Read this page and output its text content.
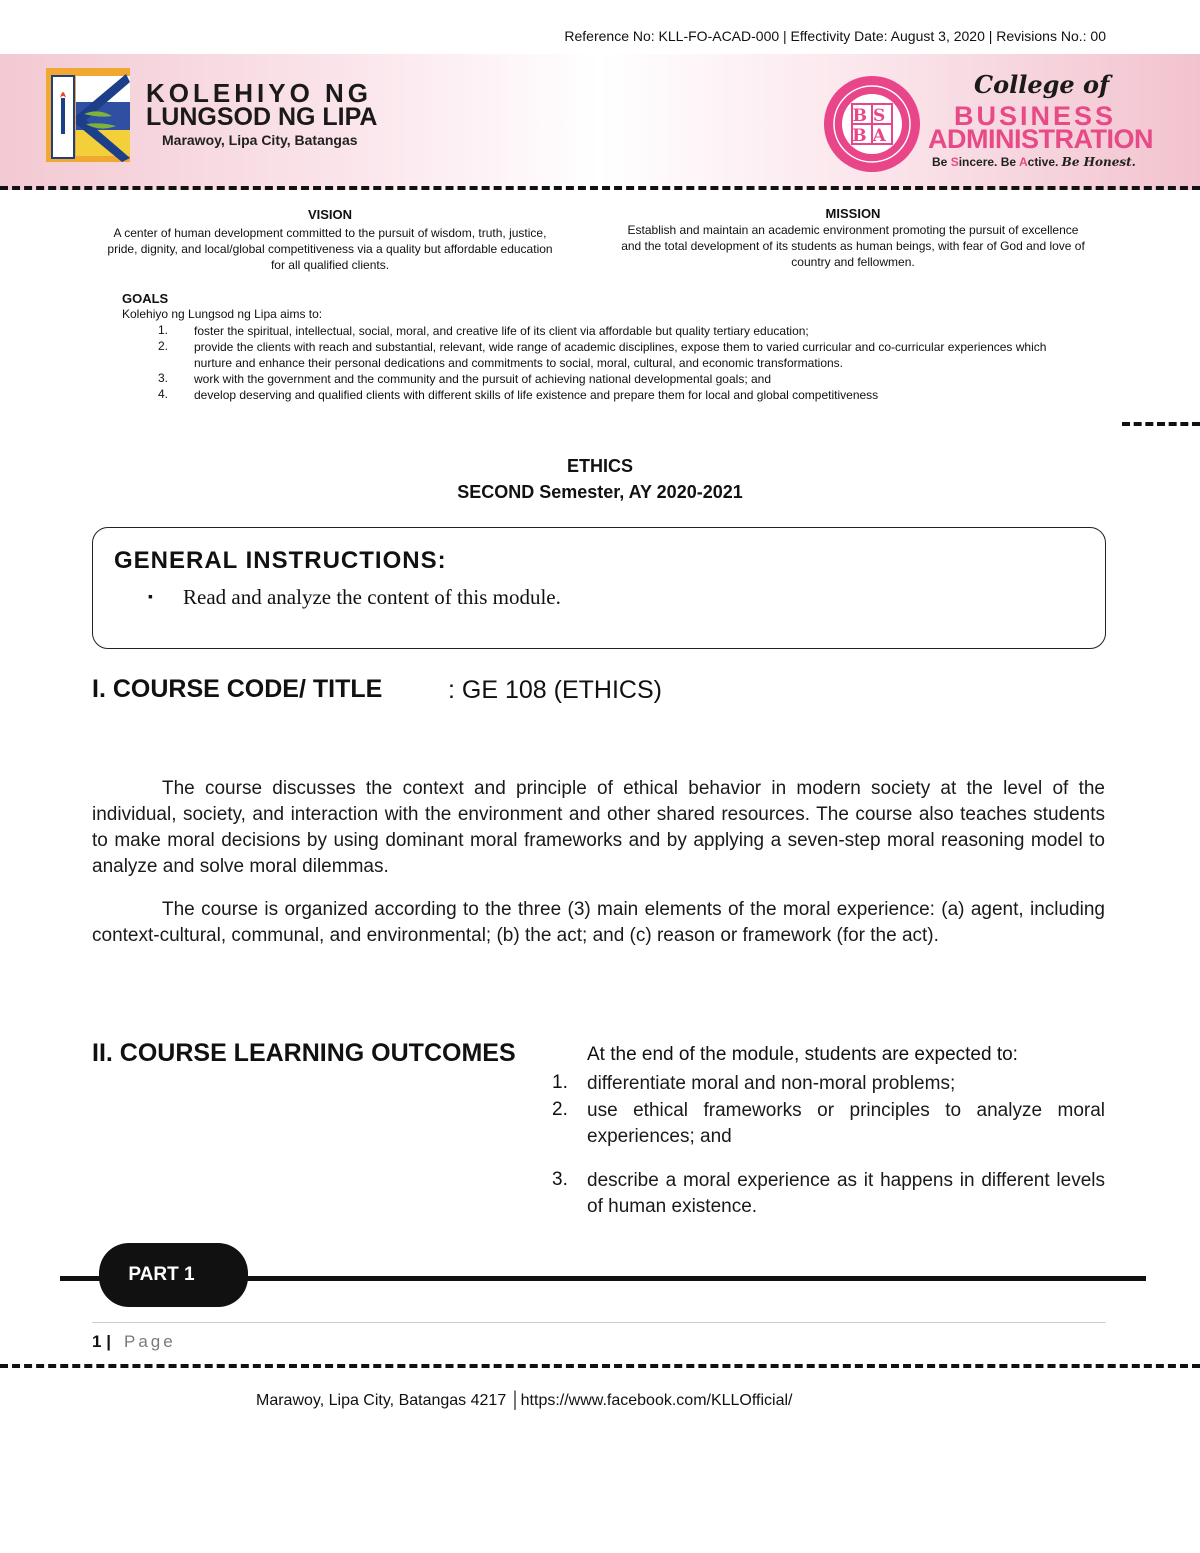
Reference No: KLL-FO-ACAD-000 | Effectivity Date: August 3, 2020 | Revisions No.: 00
KOLEHIYO NG
LUNGSOD NG LIPA
Marawoy, Lipa City, Batangas
BS
BA
College of
BUSINESS
ADMINISTRATION
Be Sincere. Be Active. Be Honest.
VISION
A center of human development committed to the pursuit of wisdom, truth, justice, pride, dignity, and local/global competitiveness via a quality but affordable education for all qualified clients.
MISSION
Establish and maintain an academic environment promoting the pursuit of excellence and the total development of its students as human beings, with fear of God and love of country and fellowmen.
GOALS
Kolehiyo ng Lungsod ng Lipa aims to:
1.	foster the spiritual, intellectual, social, moral, and creative life of its client via affordable but quality tertiary education;
2.	provide the clients with reach and substantial, relevant, wide range of academic disciplines, expose them to varied curricular and co-curricular experiences which nurture and enhance their personal dedications and commitments to social, moral, cultural, and economic transformations.
3.	work with the government and the community and the pursuit of achieving national developmental goals; and
4.	develop deserving and qualified clients with different skills of life existence and prepare them for local and global competitiveness
ETHICS
SECOND Semester, AY 2020-2021
GENERAL INSTRUCTIONS:
▪ Read and analyze the content of this module.
I. COURSE CODE/ TITLE	: GE 108 (ETHICS)
The course discusses the context and principle of ethical behavior in modern society at the level of the individual, society, and interaction with the environment and other shared resources. The course also teaches students to make moral decisions by using dominant moral frameworks and by applying a seven-step moral reasoning model to analyze and solve moral dilemmas.
The course is organized according to the three (3) main elements of the moral experience: (a) agent, including context-cultural, communal, and environmental; (b) the act; and (c) reason or framework (for the act).
II. COURSE LEARNING OUTCOMES	At the end of the module, students are expected to:
1.	differentiate moral and non-moral problems;
2.	use ethical frameworks or principles to analyze moral experiences; and
3.	describe a moral experience as it happens in different levels of human existence.
PART 1
1 | Page
Marawoy, Lipa City, Batangas 4217 │https://www.facebook.com/KLLOfficial/
